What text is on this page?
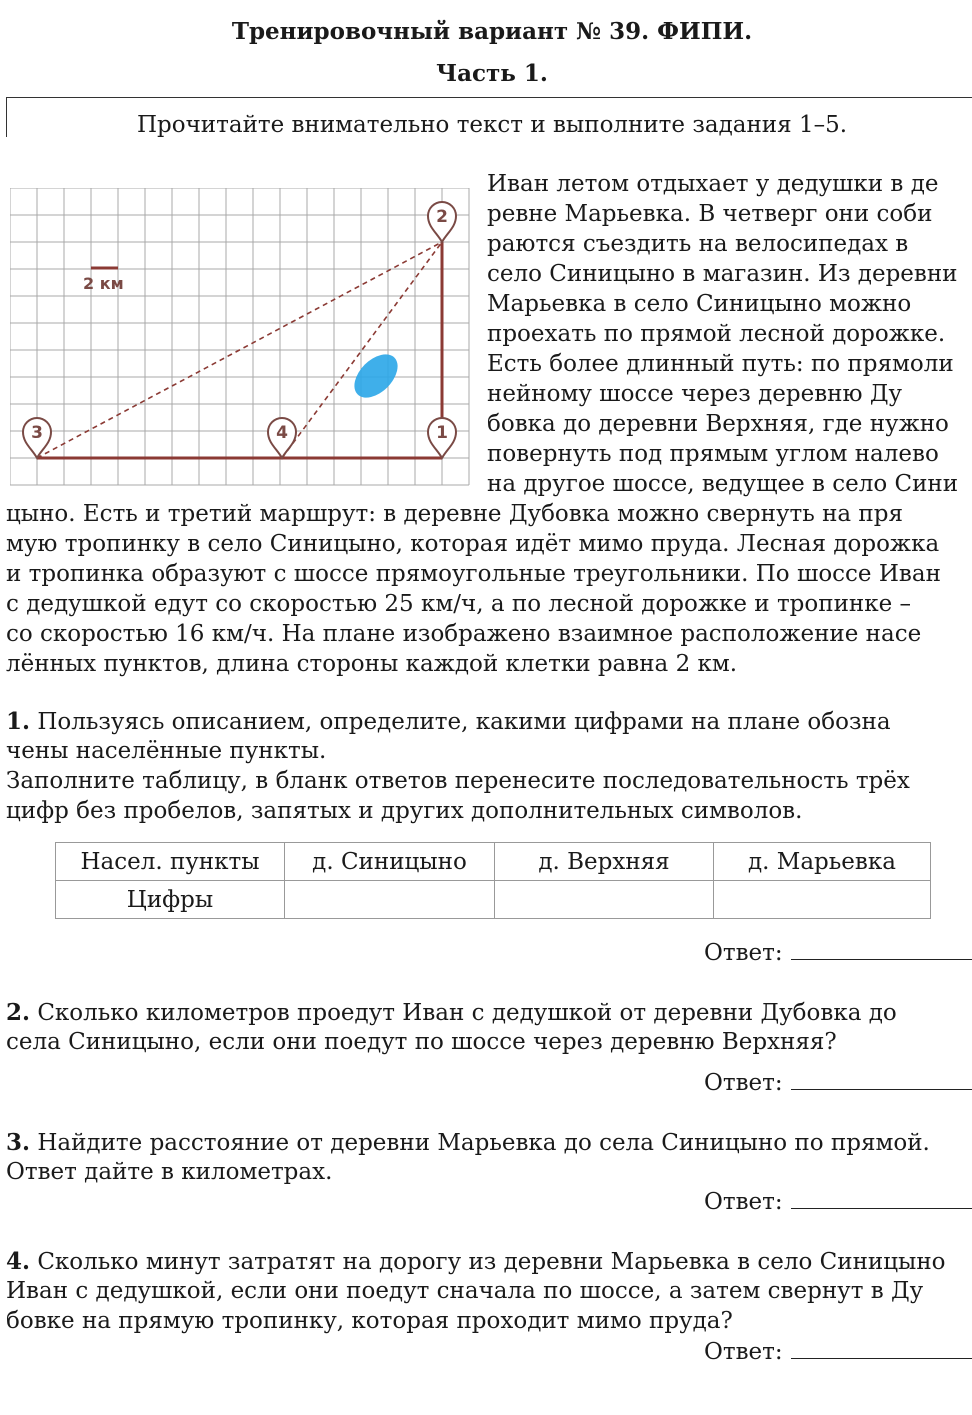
Тренировочный вариант № 39. ФИПИ.
Часть 1.
Прочитайте внимательно текст и выполните задания 1–5.
2 км
2
1
3	4
Иван летом отдыхает у дедушки в де
ревне Марьевка. В четверг они соби
раются съездить на велосипедах в
село Синицыно в магазин. Из деревни
Марьевка в село Синицыно можно
проехать по прямой лесной дорожке.
Есть более длинный путь: по прямоли
нейному шоссе через деревню Ду
бовка до деревни Верхняя, где нужно
повернуть под прямым углом налево
на другое шоссе, ведущее в село Сини
цыно. Есть и третий маршрут: в деревне Дубовка можно свернуть на пря
мую тропинку в село Синицыно, которая идёт мимо пруда. Лесная дорожка
и тропинка образуют с шоссе прямоугольные треугольники. По шоссе Иван
с дедушкой едут со скоростью 25 км/ч, а по лесной дорожке и тропинке –
со скоростью 16 км/ч. На плане изображено взаимное расположение насе
лённых пунктов, длина стороны каждой клетки равна 2 км.
1. Пользуясь описанием, определите, какими цифрами на плане обозна
чены населённые пункты.
Заполните таблицу, в бланк ответов перенесите последовательность трёх
цифр без пробелов, запятых и других дополнительных символов.
Насел. пункты	д. Синицыно	д. Верхняя	д. Марьевка
Цифры			
Ответ:
2. Сколько километров проедут Иван с дедушкой от деревни Дубовка до
села Синицыно, если они поедут по шоссе через деревню Верхняя?
Ответ:
3. Найдите расстояние от деревни Марьевка до села Синицыно по прямой.
Ответ дайте в километрах.
Ответ:
4. Сколько минут затратят на дорогу из деревни Марьевка в село Синицыно
Иван с дедушкой, если они поедут сначала по шоссе, а затем свернут в Ду
бовке на прямую тропинку, которая проходит мимо пруда?
Ответ:
